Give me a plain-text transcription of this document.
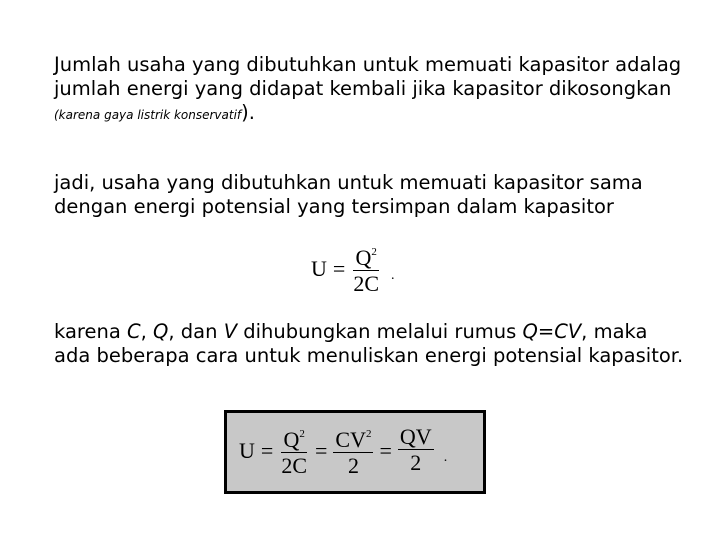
Jumlah usaha yang dibutuhkan untuk memuati kapasitor adalag jumlah energi yang didapat kembali jika kapasitor dikosongkan (karena gaya listrik konservatif).
jadi, usaha yang dibutuhkan untuk memuati kapasitor sama dengan energi potensial yang tersimpan dalam kapasitor
$U = \frac{Q^2}{2C}$ .
karena C, Q, dan V dihubungkan melalui rumus Q=CV, maka ada beberapa cara untuk menuliskan energi potensial kapasitor.
$U = \frac{Q^2}{2C} = \frac{CV^2}{2} = \frac{QV}{2}$ .
